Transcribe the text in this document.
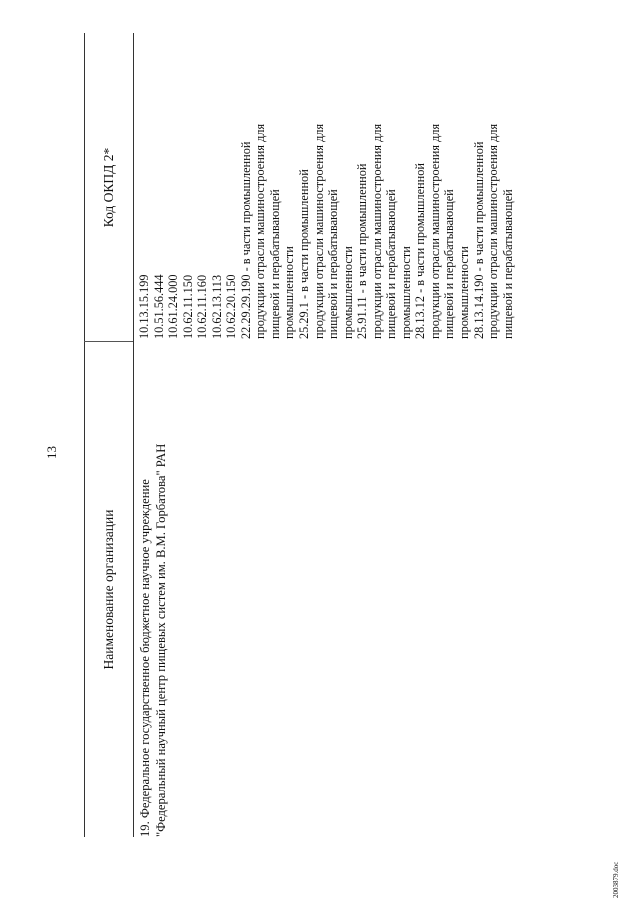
13
Наименование организации
Код ОКПД 2*
19. Федеральное государственное бюджетное научное учреждение "Федеральный научный центр пищевых систем им. В.М. Горбатова" РАН
10.13.15.199 10.51.56.444 10.61.24.000 10.62.11.150 10.62.11.160 10.62.13.113 10.62.20.150 22.29.29.190 - в части промышленной продукции отрасли машиностроения для пищевой и перабатывающей промышленности 25.29.1 - в части промышленной продукции отрасли машиностроения для пищевой и перабатывающей промышленности 25.91.11 - в части промышленной продукции отрасли машиностроения для пищевой и перабатывающей промышленности 28.13.12 - в части промышленной продукции отрасли машиностроения для пищевой и перабатывающей промышленности 28.13.14.190 - в части промышленной продукции отрасли машиностроения для пищевой и перабатывающей
2003879.doc
